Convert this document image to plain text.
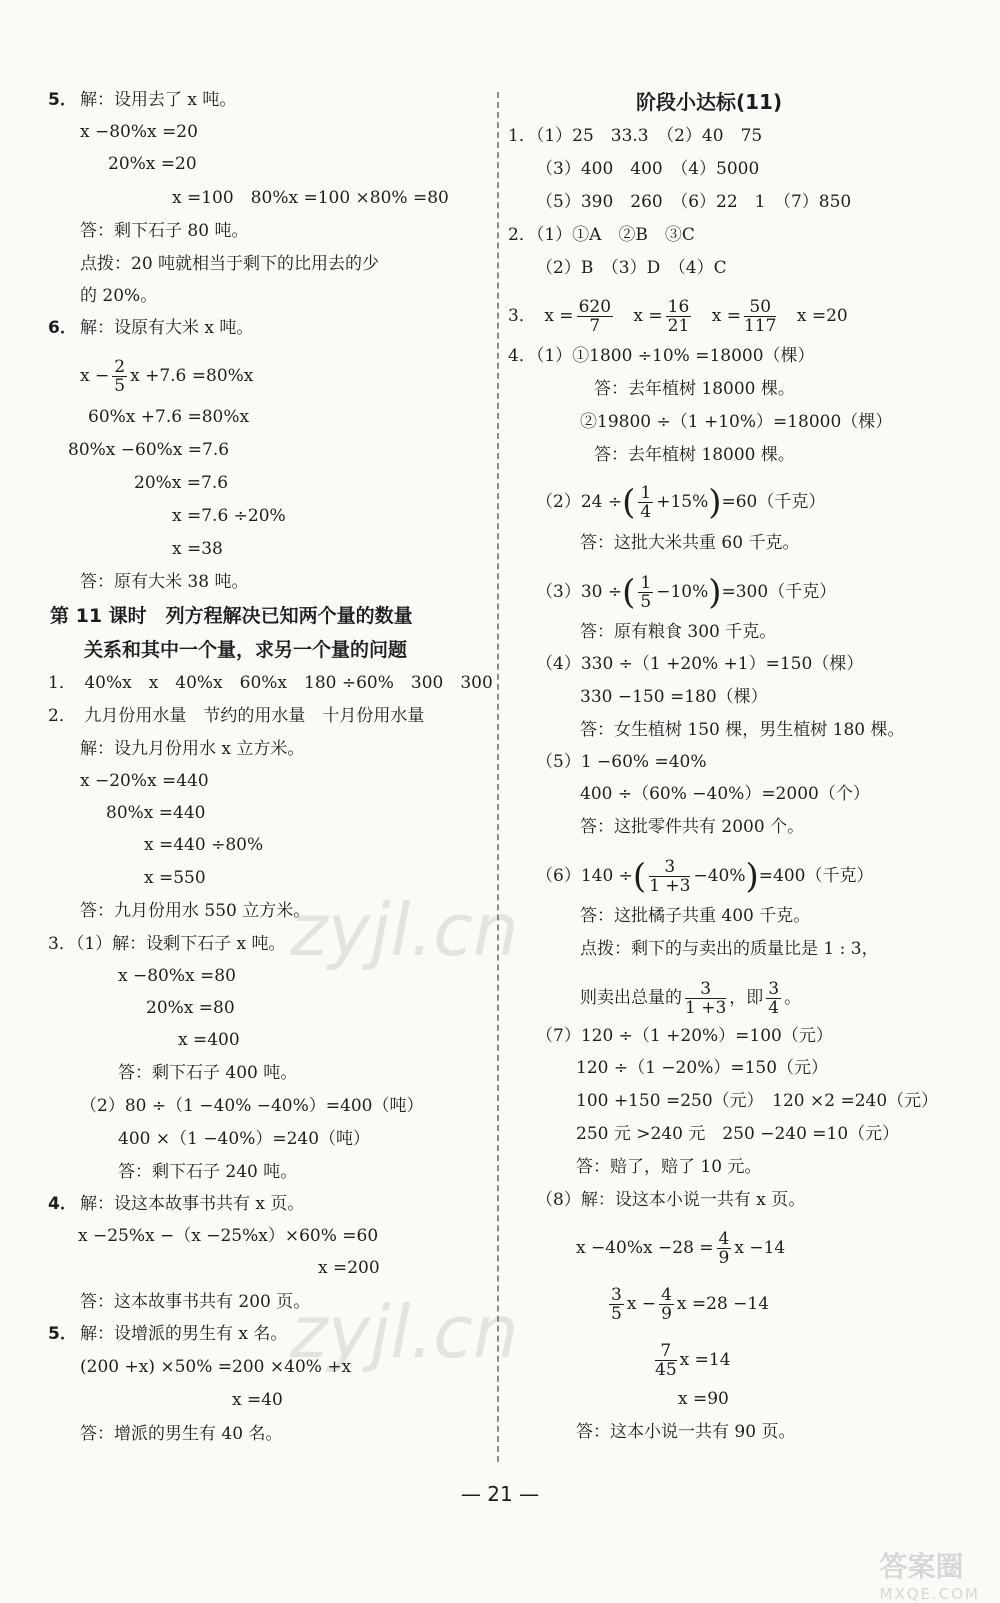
5． 解：设用去了 x 吨。
x −80%x =20
20%x =20
x =100　80%x =100 ×80% =80
答：剩下石子 80 吨。
点拨：20 吨就相当于剩下的比用去的少
的 20%。
6． 解：设原有大米 x 吨。
$x - \frac{2}{5}$ x +7.6 =80%x
60%x +7.6 =80%x
80%x −60%x =7.6
20%x =7.6
x =7.6 ÷20%
x =38
答：原有大米 38 吨。
第 11 课时　列方程解决已知两个量的数量
关系和其中一个量，求另一个量的问题
1．　40%x　x　40%x　60%x　180 ÷60%　300　300
2．　九月份用水量　节约的用水量　十月份用水量
解：设九月份用水 x 立方米。
x −20%x =440
80%x =440
x =440 ÷80%
x =550
答：九月份用水 550 立方米。
3．（1）解：设剩下石子 x 吨。
x −80%x =80
20%x =80
x =400
答：剩下石子 400 吨。
（2）80 ÷（1 −40% −40%）=400（吨）
400 ×（1 −40%）=240（吨）
答：剩下石子 240 吨。
4． 解：设这本故事书共有 x 页。
x −25%x −（x −25%x）×60% =60
x =200
答：这本故事书共有 200 页。
5． 解：设增派的男生有 x 名。
(200 +x) ×50% =200 ×40% +x
x =40
答：增派的男生有 40 名。
阶段小达标(11)
1．（1）25　33.3　（2）40　75
（3）400　400　（4）5000
（5）390　260　（6）22　1　（7）850
2．（1）①A　②B　③C
（2）B　（3）D　（4）C
3．　$x = \frac{620}{7}$ $x = \frac{16}{21}$ $x = \frac{50}{117}$ x =20
4．（1）①1800 ÷10% =18000（棵）
答：去年植树 18000 棵。
②19800 ÷（1 +10%）=18000（棵）
答：去年植树 18000 棵。
（2）24 ÷( $\frac{1}{4} +15\%)=60$（千克）
答：这批大米共重 60 千克。
（3）30 ÷( $\frac{1}{5} -10\%)=300$（千克）
答：原有粮食 300 千克。
（4）330 ÷（1 +20% +1）=150（棵）
330 −150 =180（棵）
答：女生植树 150 棵，男生植树 180 棵。
（5）1 −60% =40%
400 ÷（60% −40%）=2000（个）
答：这批零件共有 2000 个。
（6）140 ÷( $\frac{3}{1 +3} -40\%)=400$（千克）
答：这批橘子共重 400 千克。
点拨：剩下的与卖出的质量比是 1 : 3，
则卖出总量的 $\frac{3}{1 +3}$ ，即 $\frac{3}{4}$ 。
（7）120 ÷（1 +20%）=100（元）
120 ÷（1 −20%）=150（元）
100 +150 =250（元）　120 ×2 =240（元）
250 元 >240 元　250 −240 =10（元）
答：赔了，赔了 10 元。
（8）解：设这本小说一共有 x 页。
$x -40\%x -28 = \frac{4}{9}$ x −14
$\frac{3}{5}$ $x - \frac{4}{9}$ x =28 −14
$\frac{7}{45}$ x =14
x =90
答：这本小说一共有 90 页。
— 21 —
zyjl.cn
zyjl.cn
答案圈
MXQE.COM
